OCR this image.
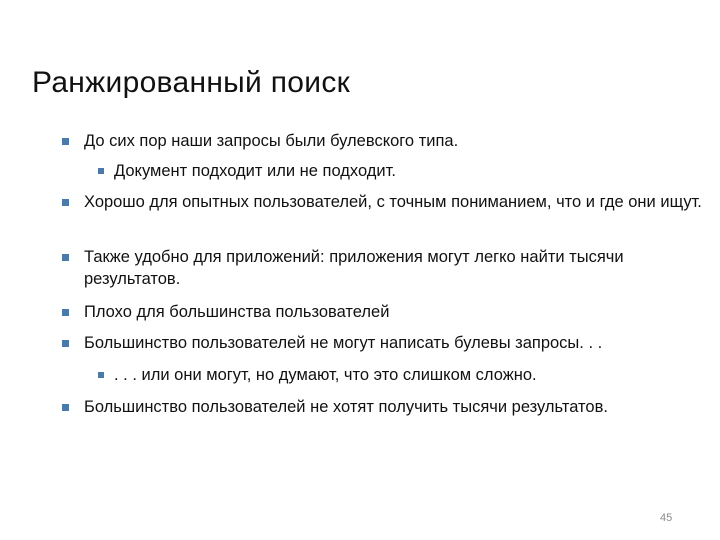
Ранжированный поиск
До сих пор наши запросы были булевского типа.
Документ подходит или не подходит.
Хорошо для опытных пользователей, с точным пониманием, что и где они ищут.
Также удобно для приложений: приложения могут легко найти тысячи результатов.
Плохо для большинства пользователей
Большинство пользователей не могут написать булевы запросы. . .
. . . или они могут, но думают, что это слишком сложно.
Большинство пользователей не хотят получить тысячи результатов.
45
